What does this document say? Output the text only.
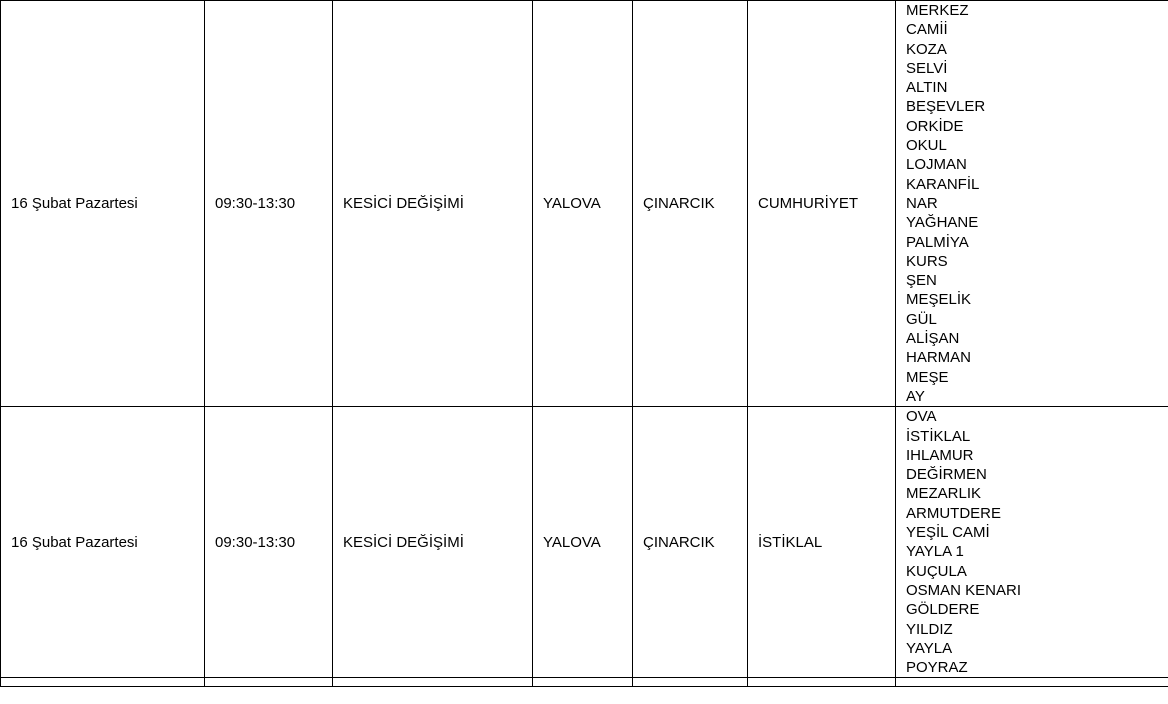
16 Şubat Pazartesi	09:30-13:30	KESİCİ DEĞİŞİMİ	YALOVA	ÇINARCIK	CUMHURİYET	
MERKEZ
CAMİİ
KOZA
SELVİ
ALTIN
BEŞEVLER
ORKİDE
OKUL
LOJMAN
KARANFİL
NAR
YAĞHANE
PALMİYA
KURS
ŞEN
MEŞELİK
GÜL
ALİŞAN
HARMAN
MEŞE
AY

16 Şubat Pazartesi	09:30-13:30	KESİCİ DEĞİŞİMİ	YALOVA	ÇINARCIK	İSTİKLAL	
OVA
İSTİKLAL
IHLAMUR
DEĞİRMEN
MEZARLIK
ARMUTDERE
YEŞİL CAMİ
YAYLA 1
KUÇULA
OSMAN KENARI
GÖLDERE
YILDIZ
YAYLA
POYRAZ
